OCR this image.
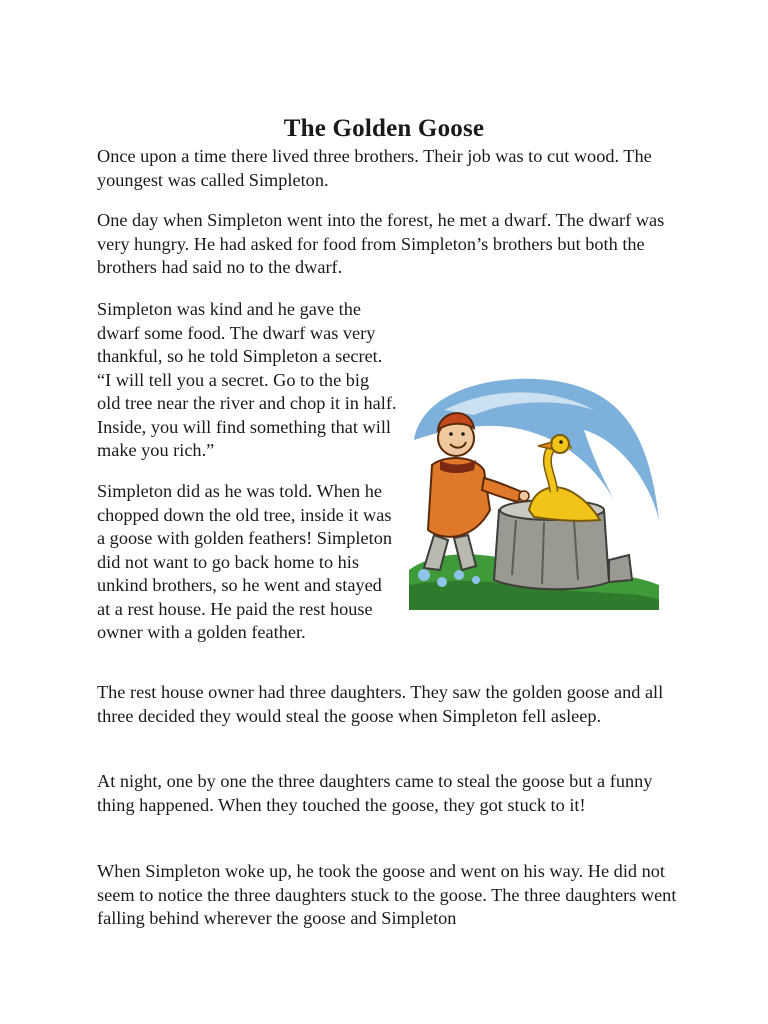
The Golden Goose

Once upon a time there lived three brothers. Their job was to cut wood. The youngest was called Simpleton.

One day when Simpleton went into the forest, he met a dwarf. The dwarf was very hungry. He had asked for food from Simpleton’s brothers but both the brothers had said no to the dwarf.

Simpleton was kind and he gave the dwarf some food. The dwarf was very thankful, so he told Simpleton a secret. “I will tell you a secret. Go to the big old tree near the river and chop it in half. Inside, you will find something that will make you rich.”

Simpleton did as he was told. When he chopped down the old tree, inside it was a goose with golden feathers! Simpleton did not want to go back home to his unkind brothers, so he went and stayed at a rest house. He paid the rest house owner with a golden feather.

The rest house owner had three daughters. They saw the golden goose and all three decided they would steal the goose when Simpleton fell asleep.

At night, one by one the three daughters came to steal the goose but a funny thing happened. When they touched the goose, they got stuck to it!

When Simpleton woke up, he took the goose and went on his way. He did not seem to notice the three daughters stuck to the goose. The three daughters went falling behind wherever the goose and Simpleton
